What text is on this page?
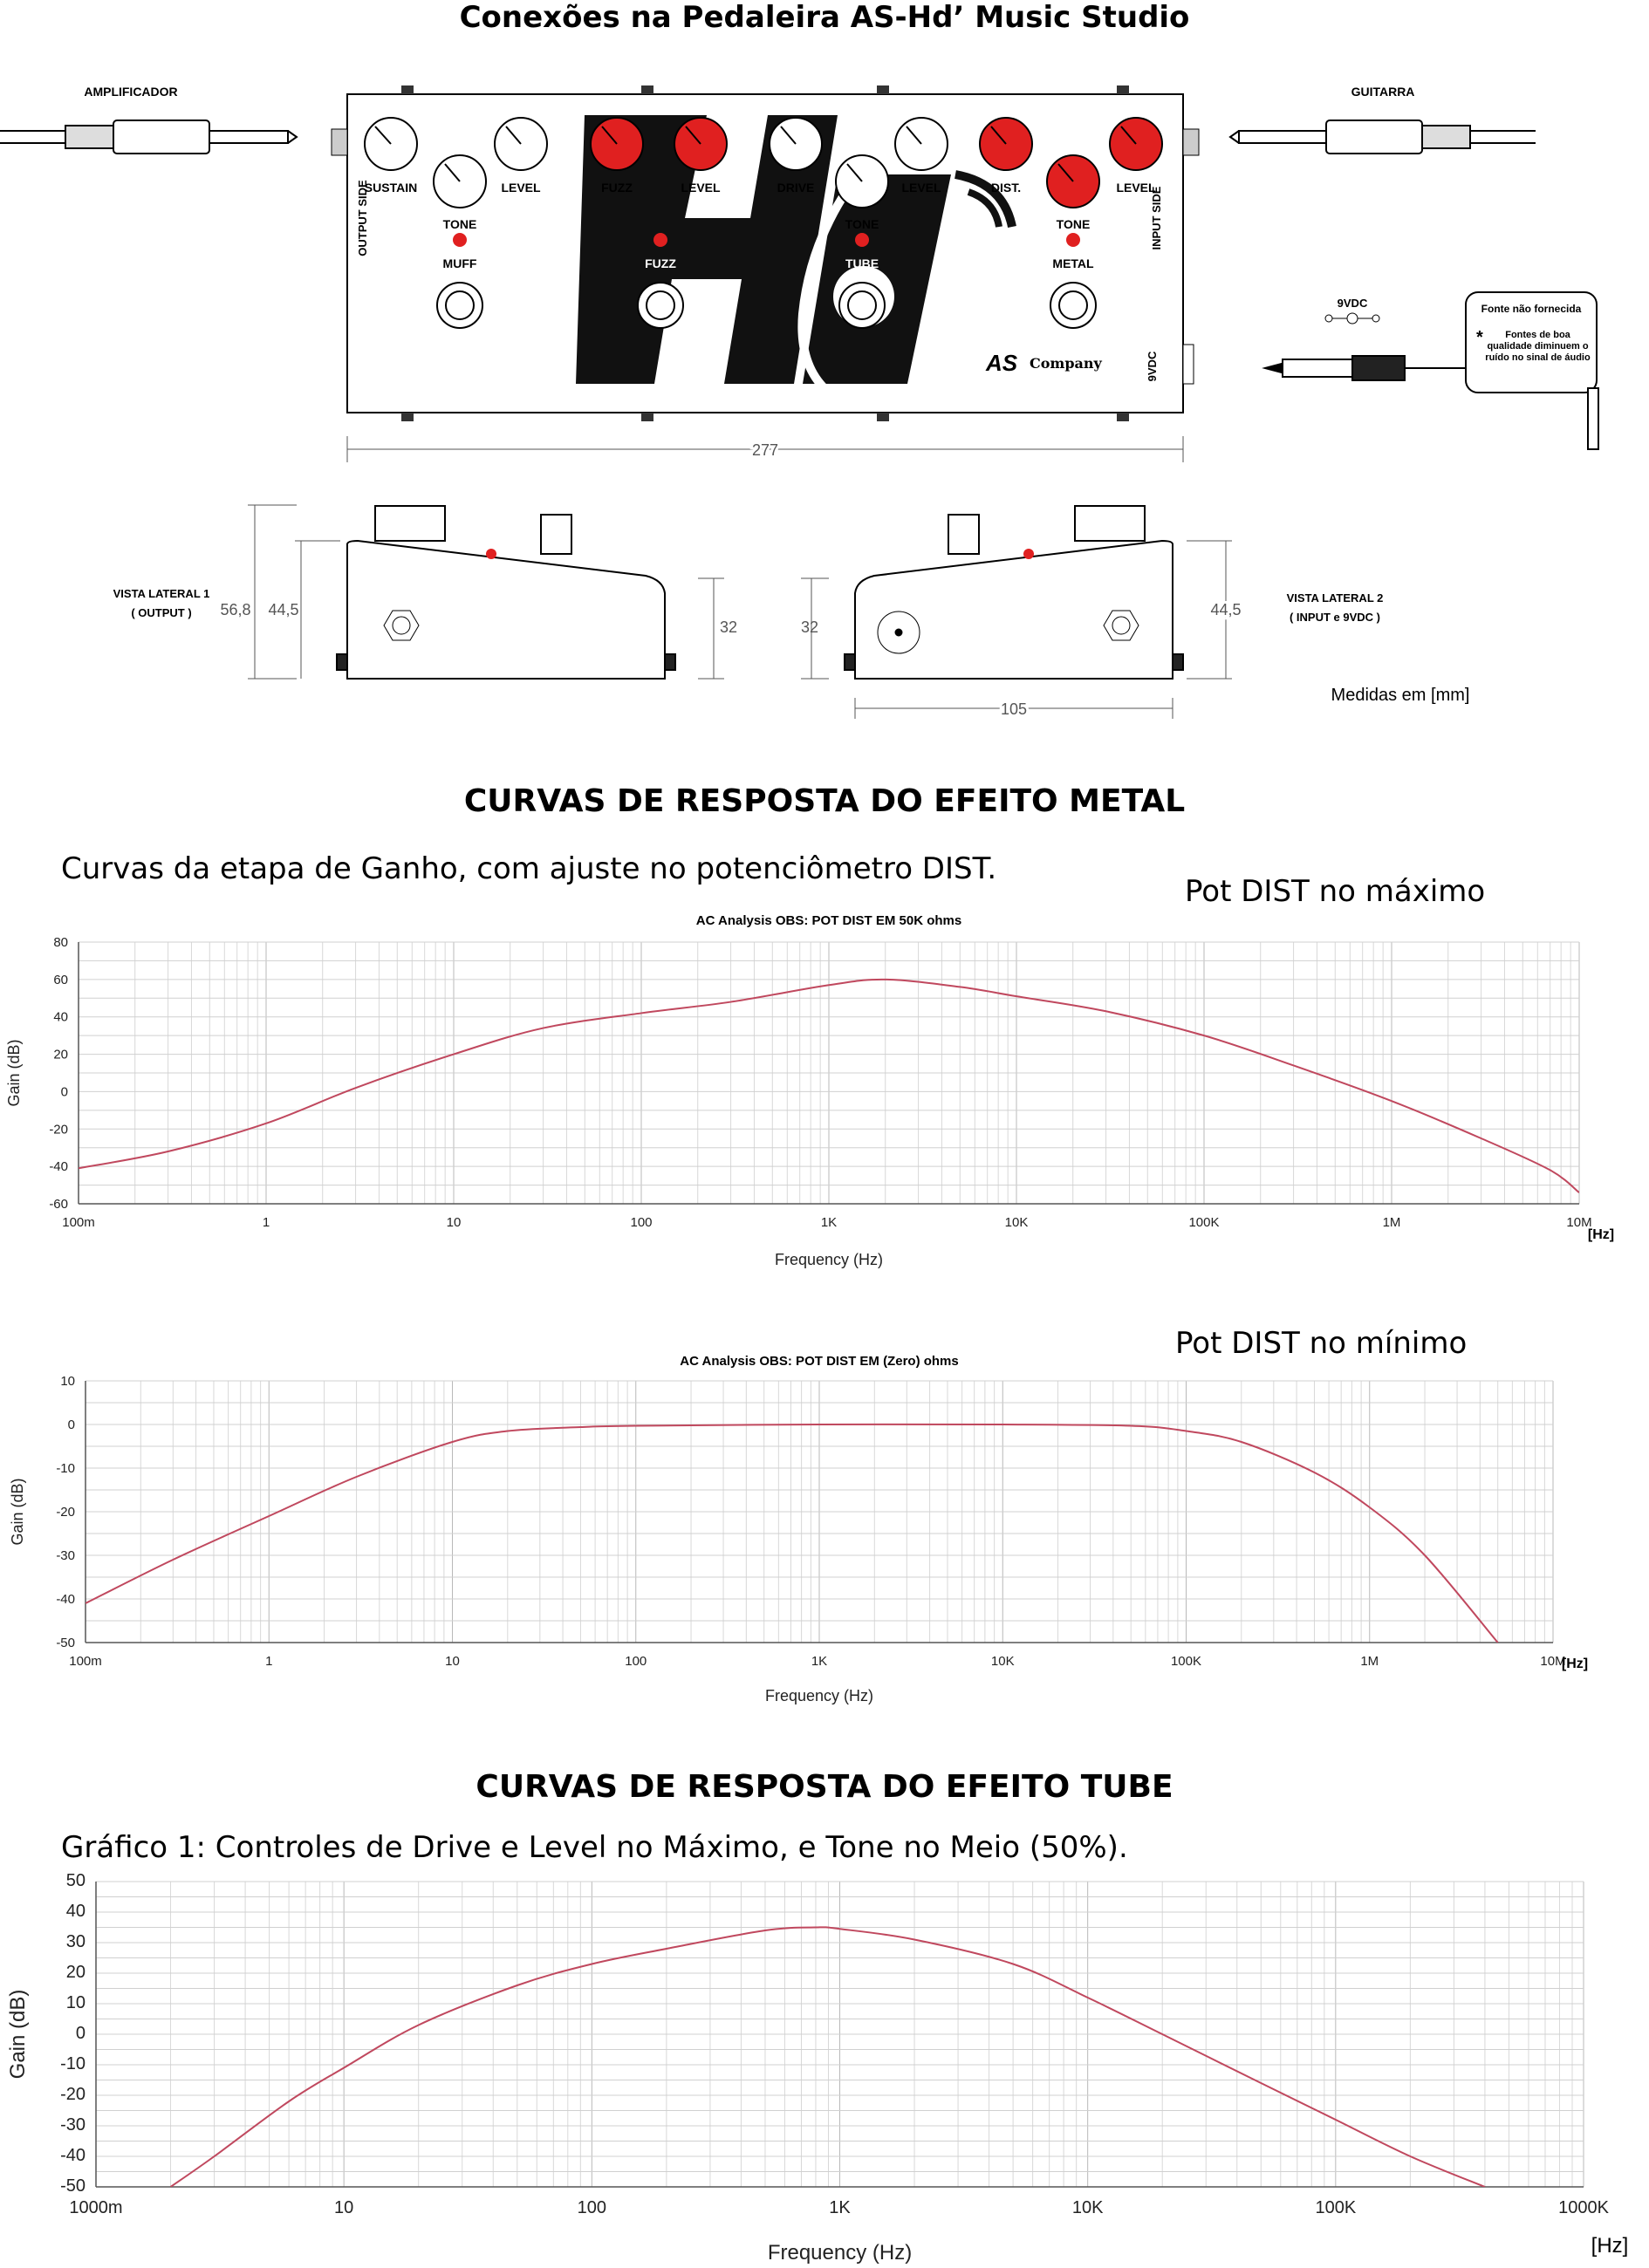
Conexões na Pedaleira AS-Hd’ Music Studio
AMPLIFICADOR	GUITARRA
SUSTAIN	LEVEL	FUZZ	LEVEL	DRIVE	LEVEL	DIST.	LEVEL
TONE	TONE	TONE
MUFF	FUZZ	TUBE	METAL
OUTPUT SIDE	INPUT SIDE
AS Company	9VDC
9VDC	Fonte não fornecida
*	Fontes de boa qualidade diminuem o ruído no sinal de áudio
277
VISTA LATERAL 1
( OUTPUT ) 56,8 44,5
32	32
44,5
105
VISTA LATERAL 2
( INPUT e 9VDC )
Medidas em [mm]
CURVAS DE RESPOSTA DO EFEITO METAL
Curvas da etapa de Ganho, com ajuste no potenciômetro DIST.
Pot DIST no máximo
Pot DIST no mínimo
-60
-40
-20
0
20
40
60
80
100m	1	10	100	1K	10K	100K	1M	10M
[Hz]
AC Analysis OBS: POT DIST EM 50K ohms
Frequency (Hz)
Gain (dB)
-50
-40
-30
-20
-10
0
10
100m	1	10	100	1K	10K	100K	1M	10M
[Hz]
AC Analysis OBS: POT DIST EM (Zero) ohms
Frequency (Hz)
Gain (dB)
CURVAS DE RESPOSTA DO EFEITO TUBE
Gráfico 1: Controles de Drive e Level no Máximo, e Tone no Meio (50%).
-50
-40
-30
-20
-10
0
10
20
30
40
50
1000m	10	100	1K	10K	100K	1000K
[Hz]
Frequency (Hz)
Gain (dB)
